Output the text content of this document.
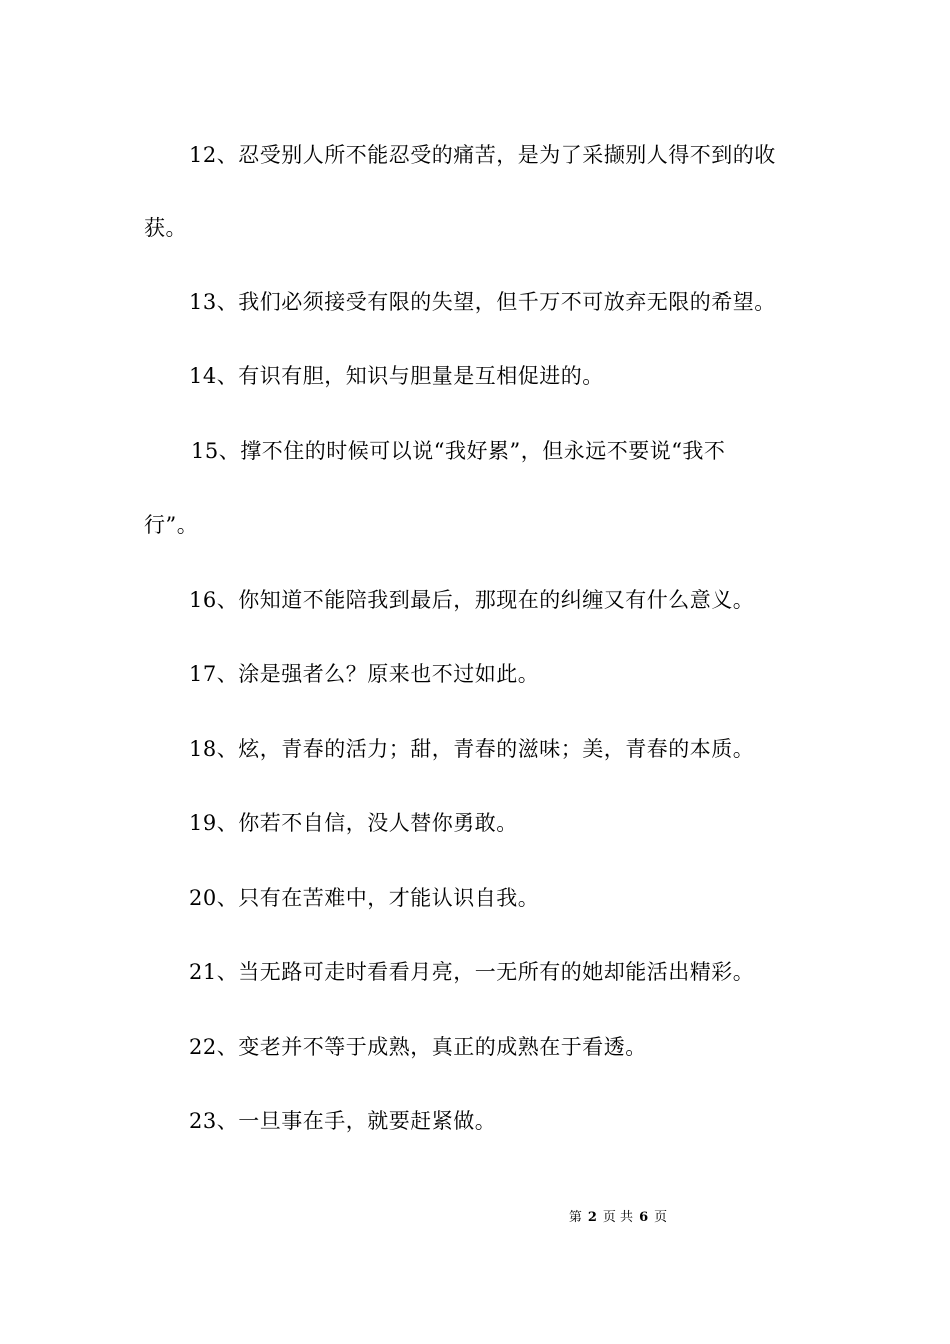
12、忍受别人所不能忍受的痛苦，是为了采撷别人得不到的收
获。
13、我们必须接受有限的失望，但千万不可放弃无限的希望。
14、有识有胆，知识与胆量是互相促进的。
15、撑不住的时候可以说“我好累”，但永远不要说“我不
行”。
16、你知道不能陪我到最后，那现在的纠缠又有什么意义。
17、涂是强者么？原来也不过如此。
18、炫，青春的活力；甜，青春的滋味；美，青春的本质。
19、你若不自信，没人替你勇敢。
20、只有在苦难中，才能认识自我。
21、当无路可走时看看月亮，一无所有的她却能活出精彩。
22、变老并不等于成熟，真正的成熟在于看透。
23、一旦事在手，就要赶紧做。
第 2 页 共 6 页
